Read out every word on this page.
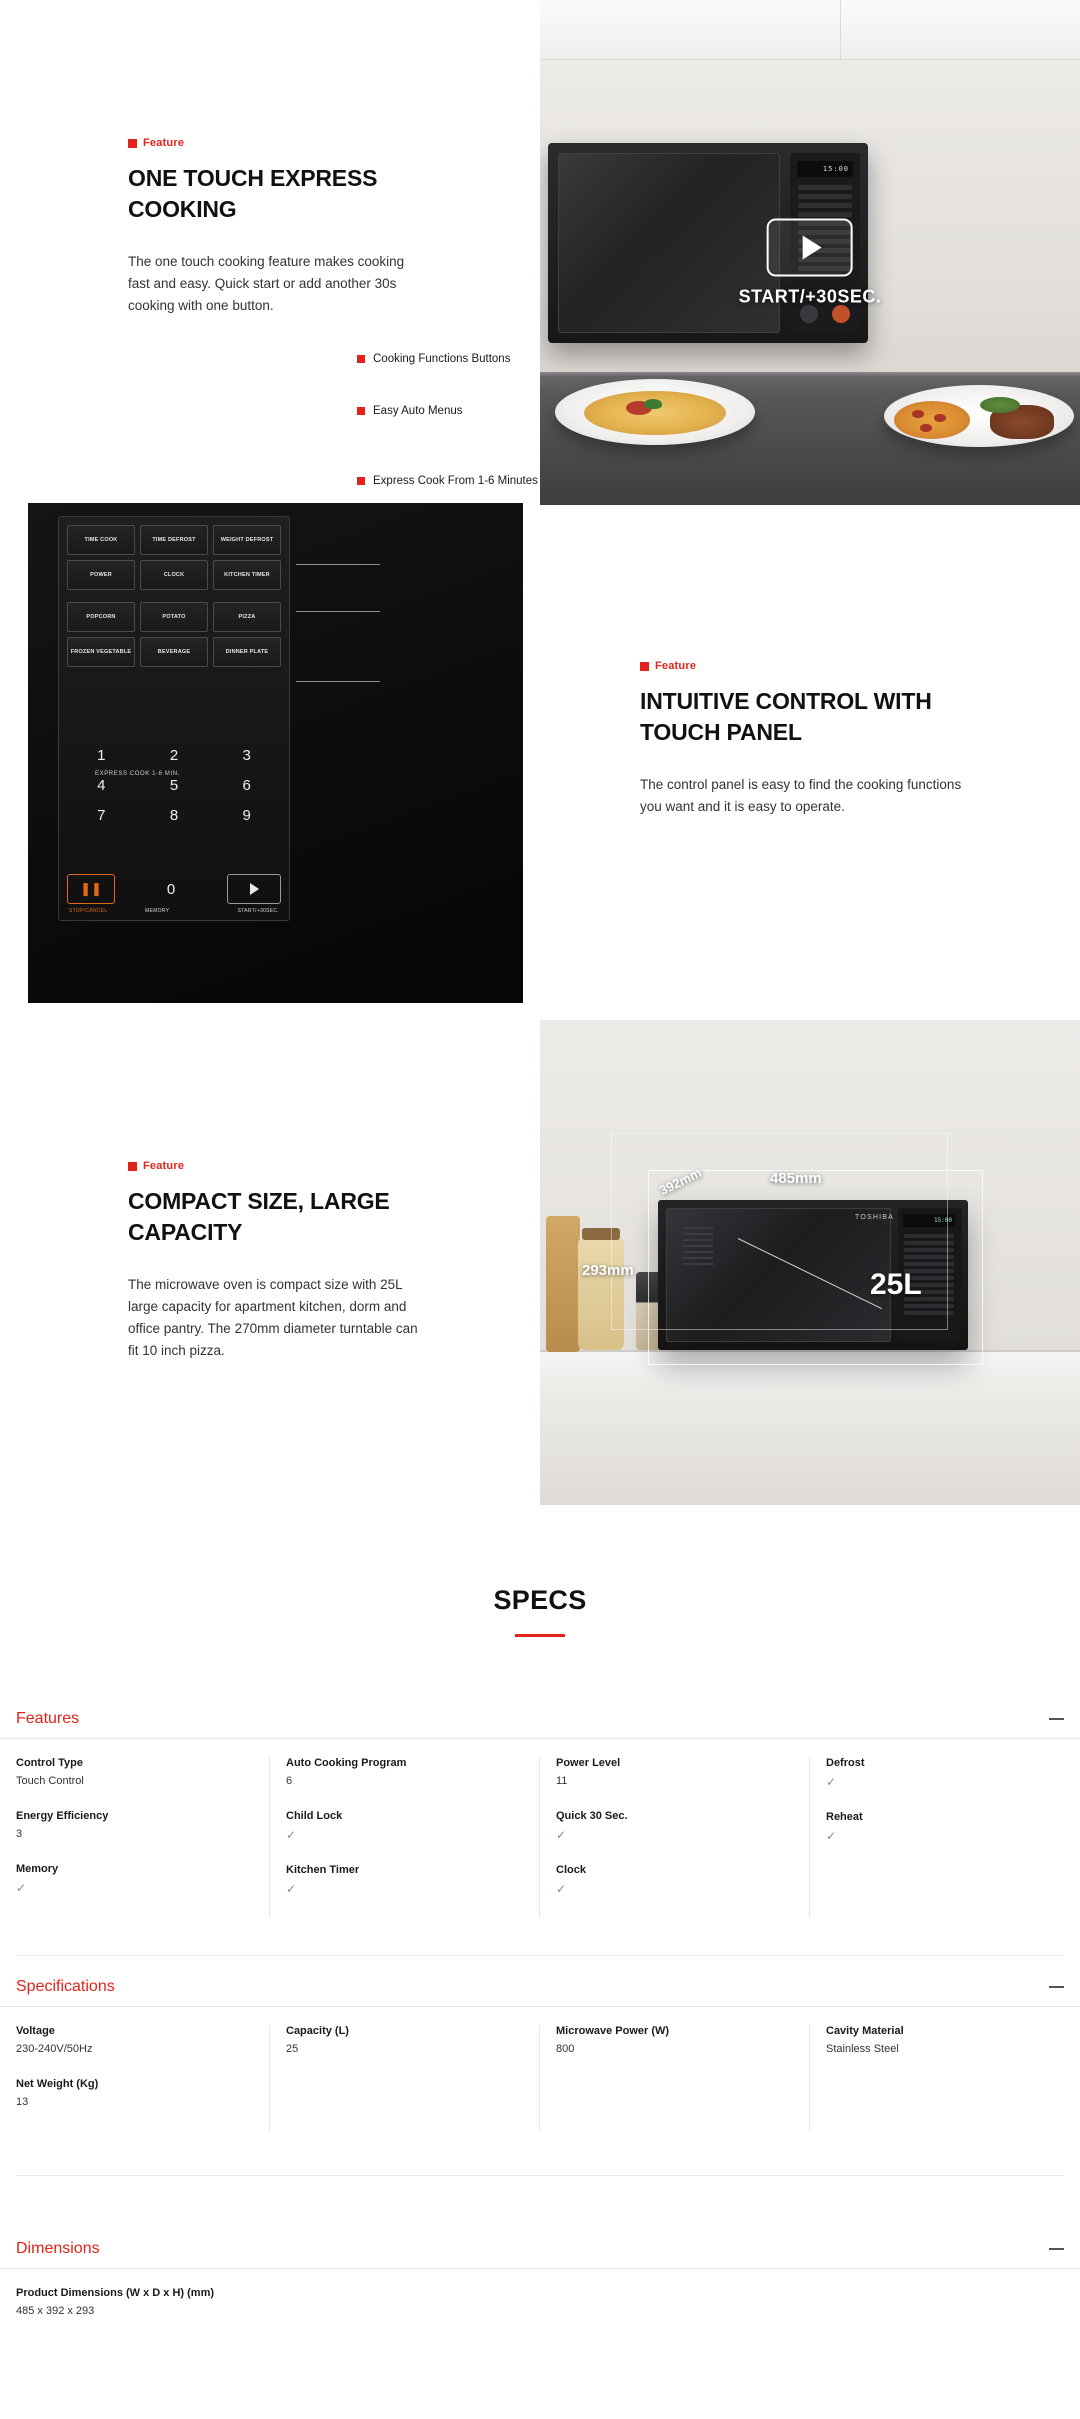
Feature
ONE TOUCH EXPRESS COOKING
The one touch cooking feature makes cooking fast and easy. Quick start or add another 30s cooking with one button.
15:00
START/+30SEC.
TIME COOK	TIME DEFROST	WEIGHT DEFROST
POWER	CLOCK	KITCHEN TIMER
POPCORN	POTATO	PIZZA
FROZEN VEGETABLE	BEVERAGE	DINNER PLATE
1	2	3
4	5	6
7	8	9
EXPRESS COOK 1-6 MIN.
❚❚	0
STOP/CANCEL	MEMORY	START/+30SEC.
Cooking Functions Buttons
Easy Auto Menus
Express Cook From 1-6 Minutes
Feature
INTUITIVE CONTROL WITH TOUCH PANEL
The control panel is easy to find the cooking functions you want and it is easy to operate.
Feature
COMPACT SIZE, LARGE CAPACITY
The microwave oven is compact size with 25L large capacity for apartment kitchen, dorm and office pantry. The 270mm diameter turntable can fit 10 inch pizza.
TOSHIBA	15:00
485mm
392mm
293mm	25L
SPECS
Features
Control Type
Touch Control
Energy Efficiency
3
Memory
✓
Auto Cooking Program
6
Child Lock
✓
Kitchen Timer
✓
Power Level
11
Quick 30 Sec.
✓
Clock
✓
Defrost
✓
Reheat
✓
Specifications
Voltage
230-240V/50Hz
Net Weight (Kg)
13
Capacity (L)
25
Microwave Power (W)
800
Cavity Material
Stainless Steel
Dimensions
Product Dimensions (W x D x H) (mm)
485 x 392 x 293
